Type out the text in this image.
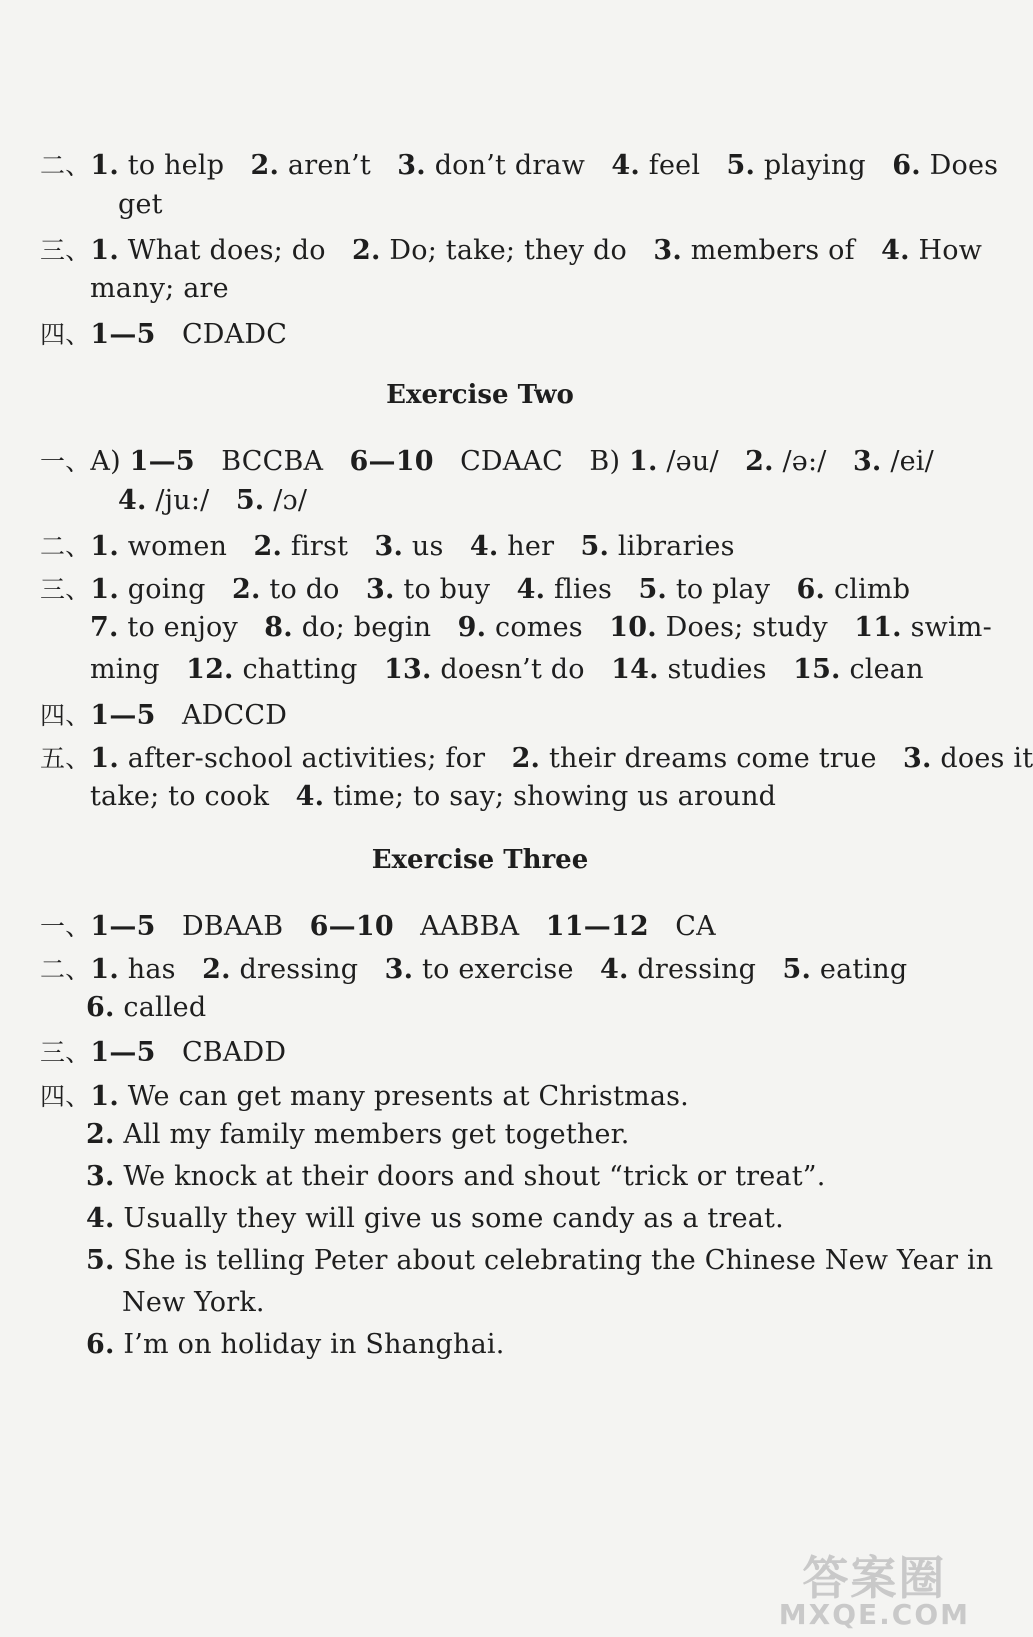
二、1. to help 2. aren’t 3. don’t draw 4. feel 5. playing 6. Does
get
三、1. What does; do 2. Do; take; they do 3. members of 4. How
many; are
四、1—5 CDADC
Exercise Two
一、A) 1—5 BCCBA 6—10 CDAAC B) 1. /əu/ 2. /ə:/ 3. /ei/
4. /ju:/ 5. /ɔ/
二、1. women 2. first 3. us 4. her 5. libraries
三、1. going 2. to do 3. to buy 4. flies 5. to play 6. climb
7. to enjoy 8. do; begin 9. comes 10. Does; study 11. swim-
ming 12. chatting 13. doesn’t do 14. studies 15. clean
四、1—5 ADCCD
五、1. after-school activities; for 2. their dreams come true 3. does it
take; to cook 4. time; to say; showing us around
Exercise Three
一、1—5 DBAAB 6—10 AABBA 11—12 CA
二、1. has 2. dressing 3. to exercise 4. dressing 5. eating
6. called
三、1—5 CBADD
四、1. We can get many presents at Christmas.
2. All my family members get together.
3. We knock at their doors and shout “trick or treat”.
4. Usually they will give us some candy as a treat.
5. She is telling Peter about celebrating the Chinese New Year in
New York.
6. I’m on holiday in Shanghai.
答案圈
MXQE.COM
